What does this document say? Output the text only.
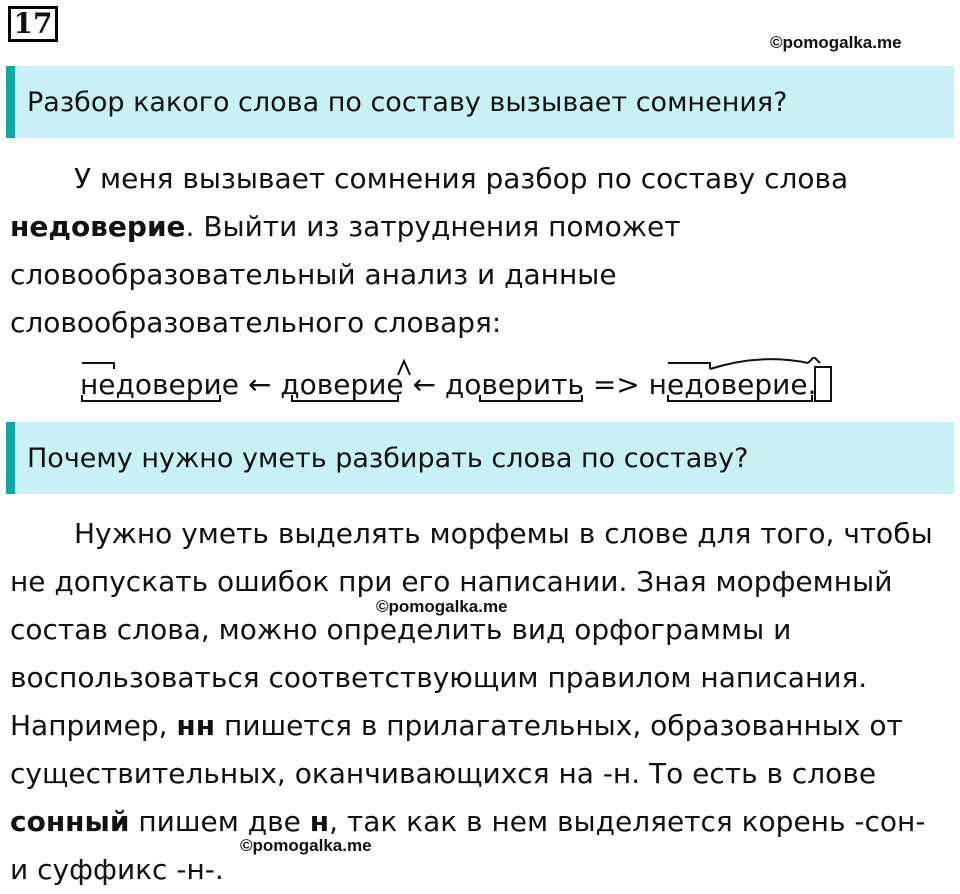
17
©pomogalka.me
Разбор какого слова по составу вызывает сомнения?

У меня вызывает сомнения разбор по составу слова недоверие. Выйти из затруднения поможет словообразовательный анализ и данные словообразовательного словаря:

недоверие ← доверие ← доверить => недоверие.
Почему нужно уметь разбирать слова по составу?

Нужно уметь выделять морфемы в слове для того, чтобы не допускать ошибок при его написании. Зная морфемный состав слова, можно определить вид орфограммы и воспользоваться соответствующим правилом написания. Например, нн пишется в прилагательных, образованных от существительных, оканчивающихся на -н. То есть в слове сонный пишем две н, так как в нем выделяется корень -сон- и суффикс -н-.

©pomogalka.me
©pomogalka.me
